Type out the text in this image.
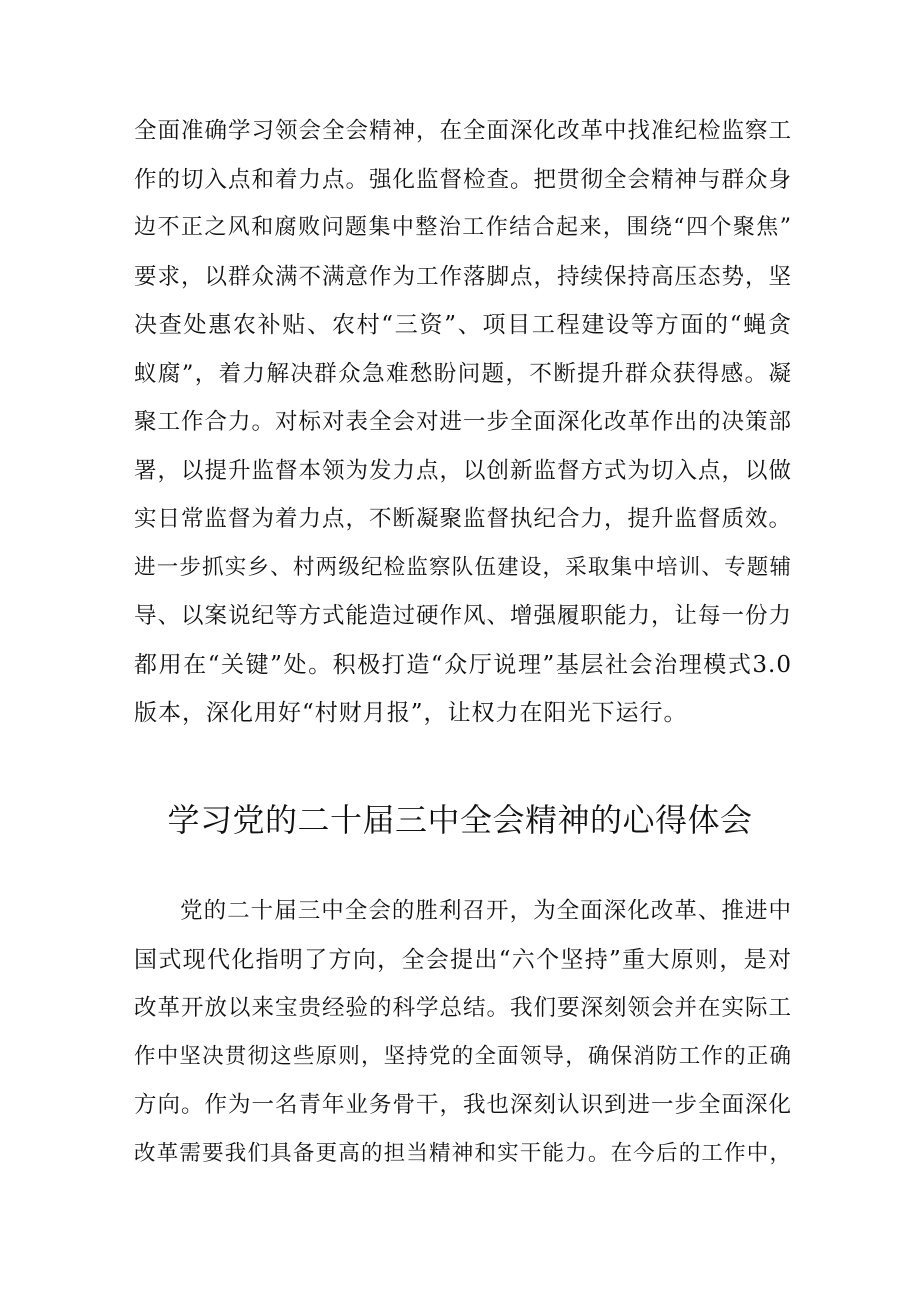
全面准确学习领会全会精神，在全面深化改革中找准纪检监察工
作的切入点和着力点。强化监督检查。把贯彻全会精神与群众身
边不正之风和腐败问题集中整治工作结合起来，围绕“四个聚焦”
要求，以群众满不满意作为工作落脚点，持续保持高压态势，坚
决查处惠农补贴、农村“三资”、项目工程建设等方面的“蝇贪
蚁腐”，着力解决群众急难愁盼问题，不断提升群众获得感。凝
聚工作合力。对标对表全会对进一步全面深化改革作出的决策部
署，以提升监督本领为发力点，以创新监督方式为切入点，以做
实日常监督为着力点，不断凝聚监督执纪合力，提升监督质效。
进一步抓实乡、村两级纪检监察队伍建设，采取集中培训、专题辅
导、以案说纪等方式能造过硬作风、增强履职能力，让每一份力
都用在“关键”处。积极打造“众厅说理”基层社会治理模式3.0
版本，深化用好“村财月报”，让权力在阳光下运行。
学习党的二十届三中全会精神的心得体会
党的二十届三中全会的胜利召开，为全面深化改革、推进中
国式现代化指明了方向，全会提出“六个坚持”重大原则，是对
改革开放以来宝贵经验的科学总结。我们要深刻领会并在实际工
作中坚决贯彻这些原则，坚持党的全面领导，确保消防工作的正确
方向。作为一名青年业务骨干，我也深刻认识到进一步全面深化
改革需要我们具备更高的担当精神和实干能力。在今后的工作中，
